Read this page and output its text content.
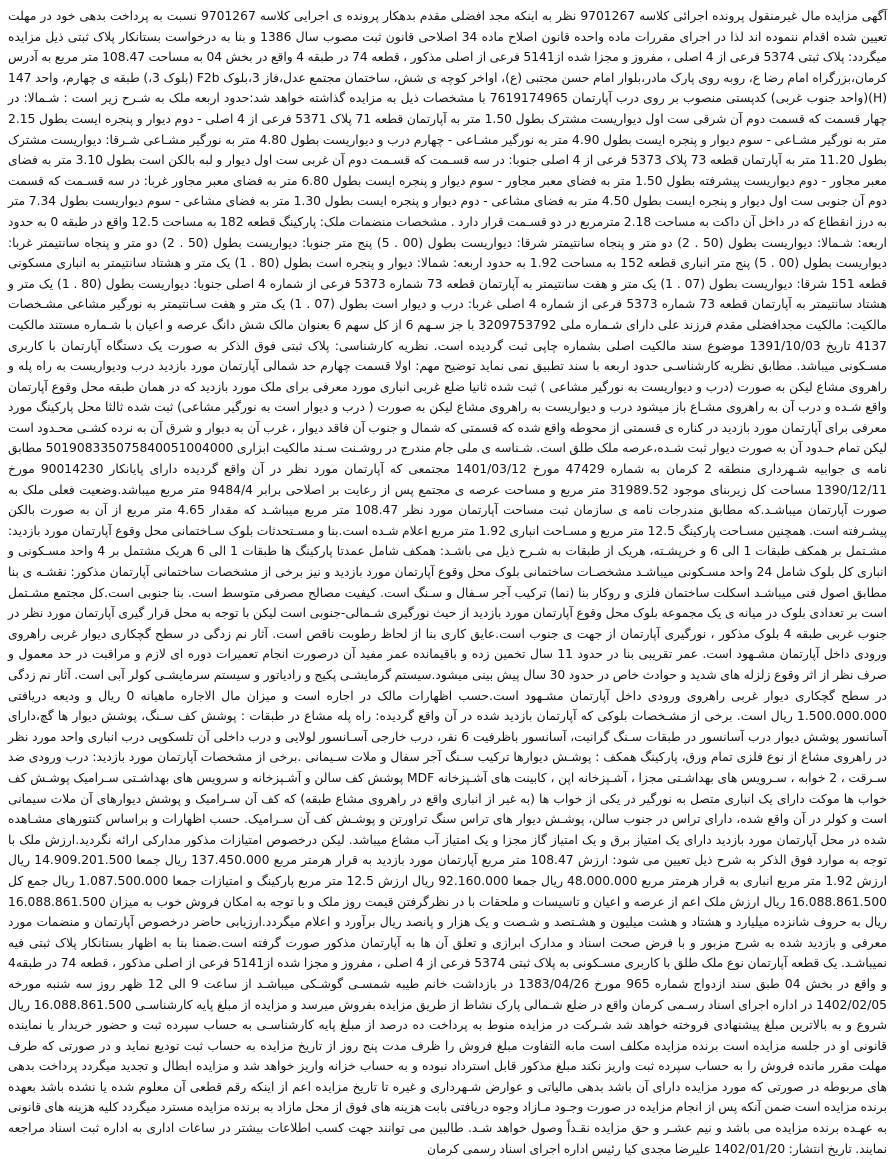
آگهی مزایده مال غیرمنقول پرونده اجرائی کلاسه 9701267 نظر به اینکه مجد افضلی مقدم بدهکار پرونده ی اجرایی کلاسه 9701267 نسبت به پرداخت بدهی خود در مهلت تعیین شده اقدام ننموده اند لذا در اجرای مقررات ماده واحده قانون اصلاح ماده 34 اصلاحی قانون ثبت مصوب سال 1386 و بنا به درخواست بستانکار پلاک ثبتی ذیل مزایده میگردد: پلاک ثبتی 5374 فرعی از 4 اصلی ، مفروز و مجزا شده از5141 فرعی از اصلی مذکور ، قطعه 74 در طبقه 4 واقع در بخش 04 به مساحت 108.47 متر مربع به آدرس کرمان،بزرگراه امام رضا ع، روبه روی پارک مادر،بلوار امام حسن مجتبی (ع)، اواخر کوچه ی شش، ساختمان مجتمع عدل،فاز 3،بلوک F2b (بلوک 3،) طبقه ی چهارم، واحد 147 (H)(واحد جنوب غربی) کدپستی منصوب بر روی درب آپارتمان 7619174965 با مشخصات ذیل به مزایده گذاشته خواهد شد:حدود اربعه ملک به شـرح زیر است : شـمالا: در چهار قسمت که قسمت دوم آن شرقی ست اول دیواریست مشترک بطول 1.50 متر به آپارتمان قطعه 71 پلاک 5371 فرعی از 4 اصلی - دوم دیوار و پنجره ایست بطول 2.15 متر به نورگیر مشـاعی - سوم دیوار و پنجره ایست بطول 4.90 متر به نورگیر مشـاعی - چهارم درب و دیواریست بطول 4.80 متر به نورگیر مشـاعی شـرقا: دیواریست مشترک بطول 11.20 متر به آپارتمان قطعه 73 پلاک 5373 فرعی از 4 اصلی جنوبا: در سه قسـمت که قسـمت دوم آن غربی ست اول دیوار و لبه بالکن است بطول 3.10 متر به فضای معبر مجاور - دوم دیواریست پیشرفته بطول 1.50 متر به فضای معبر مجاور - سوم دیوار و پنجره ایست بطول 6.80 متر به فضای معبر مجاور غربا: در سه قسـمت که قسمت دوم آن جنوبی ست اول دیوار و پنجره ایست بطول 4.50 متر به فضای مشاعی - دوم دیوار و پنجره ایست بطول 1.30 متر به فضای مشاعی - سوم دیواریست بطول 7.34 متر به درز انقطاع که در داخل آن داکت به مساحت 2.18 مترمربع در دو قسـمت قرار دارد . مشخصات منضمات ملک: پارکینگ قطعه 182 به مساحت 12.5 واقع در طبقه 0 به حدود اربعه: شـمالا: دیواریست بطول (50 . 2) دو متر و پنجاه سانتیمتر شرقا: دیواریست بطول (00 . 5) پنج متر جنوبا: دیواریست بطول (50 . 2) دو متر و پنجاه سانتیمتر غربا: دیواریست بطول (00 . 5) پنج متر انباری قطعه 152 به مساحت 1.92 به حدود اربعه: شمالا: دیوار و پنجره است بطول (80 . 1) یک متر و هشتاد سانتیمتر به انباری مسکونی قطعه 151 شرقا: دیواریست بطول (07 . 1) یک متر و هفت سانتیمتر به آپارتمان قطعه 73 شماره 5373 فرعی از شماره 4 اصلی جنوبا: دیواریست بطول (80 . 1) یک متر و هشتاد سانتیمتر به آپارتمان قطعه 73 شماره 5373 فرعی از شماره 4 اصلی غربا: درب و دیوار است بطول (07 . 1) یک متر و هفت سـانتیمتر به نورگیر مشاعی مشـخصات مالکیت: مالکیت مجدافضلی مقدم فرزند علی دارای شـماره ملی 3209753792 با جز سـهم 6 از کل سهم 6 بعنوان مالک شش دانگ عرصه و اعیان با شـماره مستند مالکیت 4137 تاریخ 1391/10/03 موضوع سند مالکیت اصلی بشماره چاپی ثبت گردیده است. نظریه کارشناسی: پلاک ثبتی فوق الذکر به صورت یک دستگاه آپارتمان با کاربری مسـکونی میباشد. مطابق نظریه کارشناسـی حدود اربعه با سند تطبیق نمی نماید توضیح مهم: اولا قسمت چهارم حد شمالی آپارتمان مورد بازدید درب ودیواریست به راه پله و راهروی مشاع لیکن به صورت (درب و دیواریست به نورگیر مشاعی ) ثبت شده ثانیا ضلع غربی انباری مورد معرفی برای ملک مورد بازدید که در همان طبقه محل وقوع آپارتمان واقع شـده و درب آن به راهروی مشـاع باز میشود درب و دیواریست به راهروی مشاع لیکن به صورت ( درب و دیوار است به نورگیر مشاعی) ثبت شده ثالثا محل پارکینگ مورد معرفی برای آپارتمان مورد بازدید در کناره ی قسمتی از محوطه واقع شده که قسمتی که شمال و جنوب آن فاقد دیوار ، غرب آن به دیوار و شرق آن به نرده کشـی محـدود است لیکن تمام حـدود آن به صورت دیوار ثبت شـده،عرصه ملک طلق است. شـناسه ی ملی جام مندرج در روشـنت سـند مالکیت ابزاری 501908335075840051004000 مطابق نامه ی جوابیه شـهرداری منطقه 2 کرمان به شماره 47429 مورخ 1401/03/12 مجتمعی که آپارتمان مورد نظر در آن واقع گردیده دارای پایانکار 90014230 مورخ 1390/12/11 مساحت کل زیربنای موجود 31989.52 متر مربع و مساحت عرصه ی مجتمع پس از رعایت بر اصلاحی برابر 9484/4 متر مربع میباشد.وضعیت فعلی ملک به صورت آپارتمان میباشـد.که مطابق مندرجات نامه ی سازمان ثبت مساحت آپارتمان مورد نظر 108.47 متر مربع میباشـد که مقدار 4.65 متر مربع از آن به صورت بالکن پیشـرفته است. همچنین مسـاحت پارکینگ 12.5 متر مربع و مسـاحت انباری 1.92 متر مربع اعلام شـده است.بنا و مسـتحدثات بلوک سـاختمانی محل وقوع آپارتمان مورد بازدید: مشـتمل بر همکف طبقات 1 الی 6 و خرپشـته، هریک از طبقات به شـرح ذیل می باشـد: همکف شامل عمدتا پارکینگ ها طبقات 1 الی 6 هریک مشتمل بر 4 واحد مسـکونی و انباری کل بلوک شامل 24 واحد مسـکونی میباشـد مشخصـات ساختمانی بلوک محل وقوع آپارتمان مورد بازدید و نیز برخی از مشخصات ساختمانی آپارتمان مذکور: نقشـه ی بنا مطابق اصول فنی میباشـد اسکلت ساختمان فلزی و روکار بنا (نما) ترکیب آجر سـفال و سـنگ است. کیفیت مصالح مصرفی متوسط است. بنا جنوبی است.کل مجتمع مشـتمل است بر تعدادی بلوک در میانه ی یک مجموعه بلوک محل وقوع آپارتمان مورد بازدید از حیث نورگیری شـمالی-جنوبی است لیکن با توجه به محل قرار گیری آپارتمان مورد نظر در جنوب غربی طبقه 4 بلوک مذکور ، نورگیری آپارتمان از جهت ی جنوب است.عایق کاری بنا از لحاظ رطوبت ناقص است. آثار نم زدگی در سطح گچکاری دیوار غربی راهروی ورودی داخل آپارتمان مشـهود است. عمر تقریبی بنا در حدود 11 سال تخمین زده و باقیمانده عمر مفید آن درصورت انجام تعمیرات دوره ای لازم و مراقبت در حد معمول و صرف نظر از اثر وقوع زلزله های شدید و حوادث خاص در حدود 30 سال پیش بینی میشود.سیستم گرمایشـی پکیج و رادیاتور و سیستم سرمایشـی کولر آبی است. آثار نم زدگی در سطح گچکاری دیوار غربی راهروی ورودی داخل آپارتمان مشـهود است.حسب اظهارات مالک در اجاره است و میزان مال الاجاره ماهیانه 0 ریال و ودیعه دریافتی 1.500.000.000 ریال است. برخی از مشـخصات بلوکی که آپارتمان بازدید شده در آن واقع گردیده: راه پله مشاع در طبقات : پوشش کف سـنگ، پوشش دیوار ها گچ،دارای آسانسور پوشش دیوار درب آسانسور در طبقات سـنگ گرانیت، آسانسور باظرفیت 6 نفر، درب خارجی آسـانسور لولایی و درب داخلی آن تلسکوپی درب انباری واحد مورد نظر در راهروی مشاع از نوع فلزی تمام ورق، پارکینگ همکف : پوشـش دیوارها ترکیب سـنگ آجر سفال و ملات سـیمانی .برخی از مشخصات آپارتمان مورد بازدید: درب ورودی ضد سـرقت ، 2 خوابه ، سـرویس های بهداشـتی مجزا ، آشـپزخانه اپن ، کابینت های آشـپزخانه MDF پوشش کف سالن و آشـپزخانه و سرویس های بهداشـتی سـرامیک پوشـش کف خواب ها موکت دارای یک انباری متصل به نورگیر در یکی از خواب ها (به غیر از انباری واقع در راهروی مشاع طبقه) که کف آن سـرامیک و پوشش دیوارهای آن ملات سیمانی است و کولر در آن واقع شده، دارای تراس در جنوب سالن، پوشـش دیوار های تراس سنگ تراورتن و پوشـش کف آن سـرامیک. حسب اظهارات و براساس کنتورهای مشـاهده شده در محل آپارتمان مورد بازدید دارای یک امتیاز برق و یک امتیاز گاز مجزا و یک امتیاز آب مشاع میباشد. لیکن درخصوص امتیازات مذکور مدارکی ارائه نگردید.ارزش ملک با توجه به موارد فوق الذکر به شرح ذیل تعیین می شود: ارزش 108.47 متر مربع آپارتمان مورد بازدید به قرار هرمتر مربع 137.450.000 ریال جمعا 14.909.201.500 ریال ارزش 1.92 متر مربع انباری به قرار هرمتر مربع 48.000.000 ریال جمعا 92.160.000 ریال ارزش 12.5 متر مربع پارکینگ و امتیازات جمعا 1.087.500.000 ریال جمع کل 16.088.861.500 ریال ارزش ملک اعم از عرصه و اعیان و تاسیسات و ملحقات با در نظرگرفتن قیمت روز ملک و با توجه به امکان فروش خوب به میزان 16.088.861.500 ریال به حروف شانزده میلیارد و هشتاد و هشت میلیون و هشـتصد و شـصت و یک هزار و پانصد ریال برآورد و اعلام میگردد.ارزیابی حاضر درخصوص آپارتمان و منضمات مورد معرفی و بازدید شده به شرح مزبور و با فرض صحت اسناد و مدارک ابرازی و تعلق آن ها به آپارتمان مذکور صورت گرفته است.ضمنا بنا به اظهار بستانکار پلاک ثبتی فیه نمیباشـد. یک قطعه آپارتمان نوع ملک طلق با کاربری مسـکونی به پلاک ثبتی 5374 فرعی از 4 اصلی ، مفروز و مجزا شده از5141 فرعی از اصلی مذکور ، قطعه 74 در طبقه4 و واقع در بخش 04 طبق سند ازدواج شماره 965 مورخ 1383/04/26 در بازداشت خانم طیبه شمسـی گوشـکی میباشـد از ساعت 9 الی 12 ظهر روز سه شنبه مورخه 1402/02/05 در اداره اجرای اسناد رسـمی کرمان واقع در ضلع شـمالی پارک نشاط از طریق مزایده بفروش میرسد و مزایده از مبلغ پایه کارشناسـی 16.088.861.500 ریال شروع و به بالاترین مبلغ پیشنهادی فروخته خواهد شد شـرکت در مزایده منوط به پرداخت ده درصد از مبلغ پایه کارشناسـی به حساب سپرده ثبت و حضور خریدار یا نماینده قانونی او در جلسه مزایده است برنده مزایده مکلف است مابه التفاوت مبلغ فروش را ظرف مدت پنج روز از تاریخ مزایده به حساب ثبت تودیع نماید و در صورتی که طرف مهلت مقرر مانده فروش را به حساب سپرده ثبت واریز نکند مبلغ مذکور قابل استرداد نبوده و به حساب خزانه واریز خواهد شد و مزایده ابطال و تجدید میگردد پرداخت بدهی های مربوطه در صورتی که مورد مزایده دارای آن باشد بدهی مالیاتی و عوارض شـهرداری و غیره تا تاریخ مزایده اعم از اینکه رقم قطعی آن معلوم شده یا نشده باشد بعهده برنده مزایده است ضمن آنکه پس از انجام مزایده در صورت وجـود مـازاد وجوه دریافتی بابت هزینه های فوق از محل مازاد به برنده مزایده مسترد میگردد کلیه هزینه های قانونی به عهـده برنده مزایده می باشد و نیم عشـر و حق مزایده نقـداً وصول خواهد شـد. طالبین می توانند جهت کسب اطلاعات بیشتر در ساعات اداری به اداره ثبت اسناد مراجعه نمایند. تاریخ انتشار: 1402/01/20 علیرضا مجدی کیا رئیس اداره اجرای اسناد رسمی کرمان
